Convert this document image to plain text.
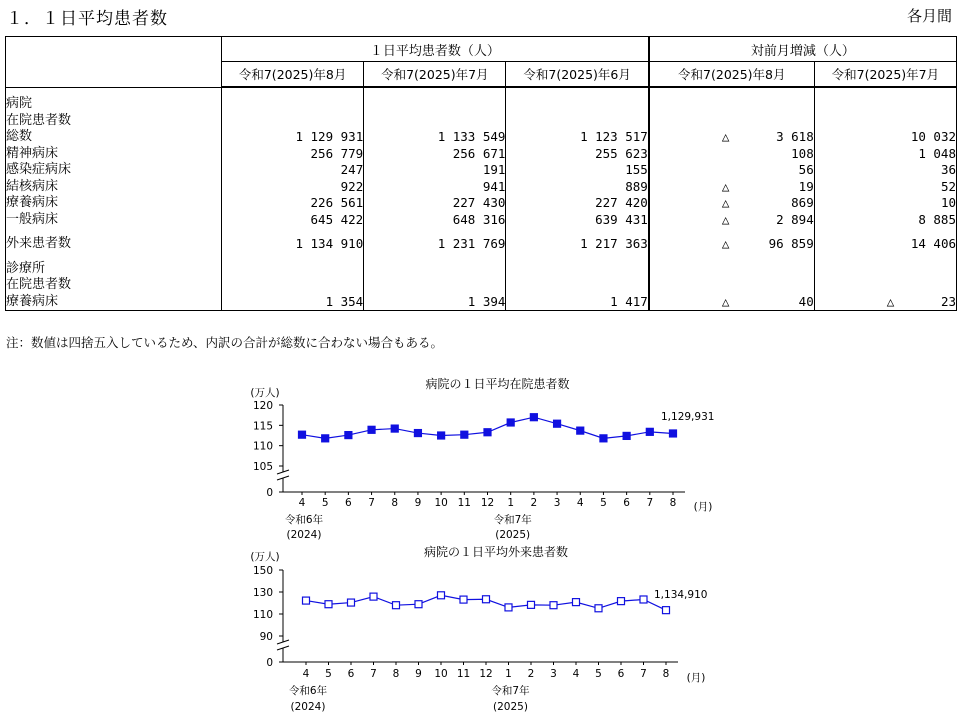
１．１日平均患者数	各月間
	１日平均患者数（人）			対前月増減（人）	
	令和7(2025)年8月	令和7(2025)年7月	令和7(2025)年6月	令和7(2025)年8月	令和7(2025)年7月
病院					
在院患者数					
総数	1 129 931	1 133 549	1 123 517	△ 3 618	10 032
精神病床	256 779	256 671	255 623	108	1 048
感染症病床	247	191	155	56	36
結核病床	922	941	889	△ 19	52
療養病床	226 561	227 430	227 420	△ 869	10
一般病床	645 422	648 316	639 431	△ 2 894	8 885

外来患者数	1 134 910	1 231 769	1 217 363	△ 96 859	14 406

診療所					
在院患者数					
療養病床	1 354	1 394	1 417	△ 40	△ 23
注：数値は四捨五入しているため、内訳の合計が総数に合わない場合もある。
病院の１日平均在院患者数
(万人)
0
105
110
115
120
4 5 6 7 8 9 10 11 12 1 2 3 4 5 6 7 8 (月)
令和6年
(2024)
令和7年
(2025)
1,129,931
病院の１日平均外来患者数
(万人)
0
90
110
130
150
4 5 6 7 8 9 10 11 12 1 2 3 4 5 6 7 8 (月)
令和6年
(2024)
令和7年
(2025)
1,134,910
